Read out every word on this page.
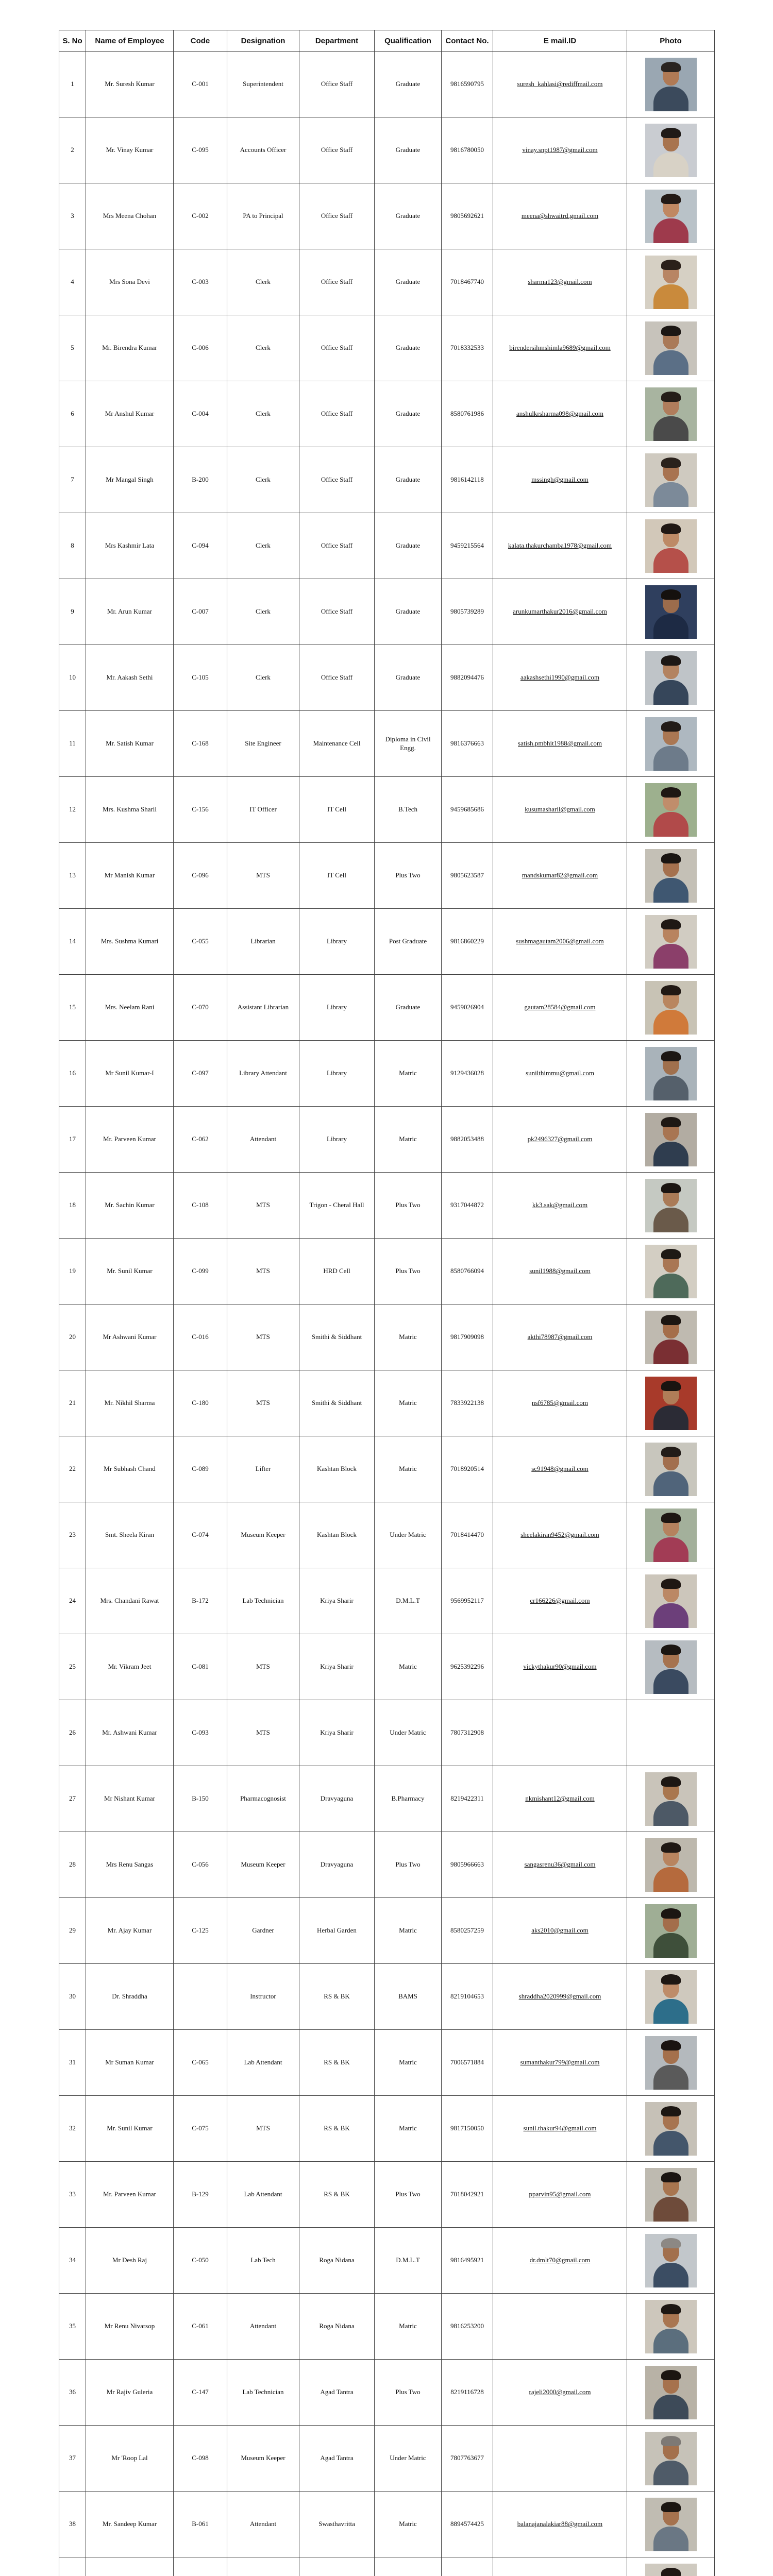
S. No	Name of Employee	Code	Designation	Department	Qualification	Contact No.	E mail.ID	Photo
1	Mr. Suresh Kumar	C-001	Superintendent	Office Staff	Graduate	9816590795	suresh_kahlasi@rediffmail.com	

2	Mr. Vinay Kumar	C-095	Accounts Officer	Office Staff	Graduate	9816780050	vinay.snpt1987@gmail.com	

3	Mrs Meena Chohan	C-002	PA to Principal	Office Staff	Graduate	9805692621	meena@shwaitrd.gmail.com	

4	Mrs Sona Devi	C-003	Clerk	Office Staff	Graduate	7018467740	sharma123@gmail.com	

5	Mr. Birendra Kumar	C-006	Clerk	Office Staff	Graduate	7018332533	birendersihmshimla9689@gmail.com	

6	Mr Anshul Kumar	C-004	Clerk	Office Staff	Graduate	8580761986	anshulkrsharma098@gmail.com	

7	Mr Mangal Singh	B-200	Clerk	Office Staff	Graduate	9816142118	mssingh@gmail.com	

8	Mrs Kashmir Lata	C-094	Clerk	Office Staff	Graduate	9459215564	kalata.thakurchamba1978@gmail.com	

9	Mr. Arun Kumar	C-007	Clerk	Office Staff	Graduate	9805739289	arunkumarthakur2016@gmail.com	

10	Mr. Aakash Sethi	C-105	Clerk	Office Staff	Graduate	9882094476	aakashsethi1990@gmail.com	

11	Mr. Satish Kumar	C-168	Site Engineer	Maintenance Cell	Diploma in Civil Engg.	9816376663	satish.pmbhit1988@gmail.com	

12	Mrs. Kushma Sharil	C-156	IT Officer	IT Cell	B.Tech	9459685686	kusumasharil@gmail.com	

13	Mr Manish Kumar	C-096	MTS	IT Cell	Plus Two	9805623587	mandskumar82@gmail.com	

14	Mrs. Sushma Kumari	C-055	Librarian	Library	Post Graduate	9816860229	sushmagautam2006@gmail.com	

15	Mrs. Neelam Rani	C-070	Assistant Librarian	Library	Graduate	9459026904	gautam28584@gmail.com	

16	Mr Sunil Kumar-I	C-097	Library Attendant	Library	Matric	9129436028	sunilthimmu@gmail.com	

17	Mr. Parveen Kumar	C-062	Attendant	Library	Matric	9882053488	pk2496327@gmail.com	

18	Mr. Sachin Kumar	C-108	MTS	Trigon - Cheral Hall	Plus Two	9317044872	kk3.sak@gmail.com	

19	Mr. Sunil Kumar	C-099	MTS	HRD Cell	Plus Two	8580766094	sunil1988@gmail.com	

20	Mr Ashwani Kumar	C-016	MTS	Smithi & Siddhant	Matric	9817909098	akthi78987@gmail.com	

21	Mr. Nikhil Sharma	C-180	MTS	Smithi & Siddhant	Matric	7833922138	nsf6785@gmail.com	

22	Mr Subhash Chand	C-089	Lifter	Kashtan Block	Matric	7018920514	sc91948@gmail.com	

23	Smt. Sheela Kiran	C-074	Museum Keeper	Kashtan Block	Under Matric	7018414470	sheelakiran9452@gmail.com	

24	Mrs. Chandani Rawat	B-172	Lab Technician	Kriya Sharir	D.M.L.T	9569952117	cr166226@gmail.com	

25	Mr. Vikram Jeet	C-081	MTS	Kriya Sharir	Matric	9625392296	vickythakur90@gmail.com	

26	Mr. Ashwani Kumar	C-093	MTS	Kriya Sharir	Under Matric	7807312908		

27	Mr Nishant Kumar	B-150	Pharmacognosist	Dravyaguna	B.Pharmacy	8219422311	nkmishant12@gmail.com	

28	Mrs Renu Sangas	C-056	Museum Keeper	Dravyaguna	Plus Two	9805966663	sangasrenu36@gmail.com	

29	Mr. Ajay Kumar	C-125	Gardner	Herbal Garden	Matric	8580257259	aks2010@gmail.com	

30	Dr. Shraddha		Instructor	RS & BK	BAMS	8219104653	shraddha2020999@gmail.com	

31	Mr Suman Kumar	C-065	Lab Attendant	RS & BK	Matric	7006571884	sumanthakur799@gmail.com	

32	Mr. Sunil Kumar	C-075	MTS	RS & BK	Matric	9817150050	sunil.thakur94@gmail.com	

33	Mr. Parveen Kumar	B-129	Lab Attendant	RS & BK	Plus Two	7018042921	pparvin95@gmail.com	

34	Mr Desh Raj	C-050	Lab Tech	Roga Nidana	D.M.L.T	9816495921	dr.dmlt70@gmail.com	

35	Mr Renu Nivarsop	C-061	Attendant	Roga Nidana	Matric	9816253200		

36	Mr Rajiv Guleria	C-147	Lab Technician	Agad Tantra	Plus Two	8219116728	rajeli2000@gmail.com	

37	Mr 'Roop Lal	C-098	Museum Keeper	Agad Tantra	Under Matric	7807763677		

38	Mr. Sandeep Kumar	B-061	Attendant	Swasthavritta	Matric	8894574425	balanajanalakiar88@gmail.com	
